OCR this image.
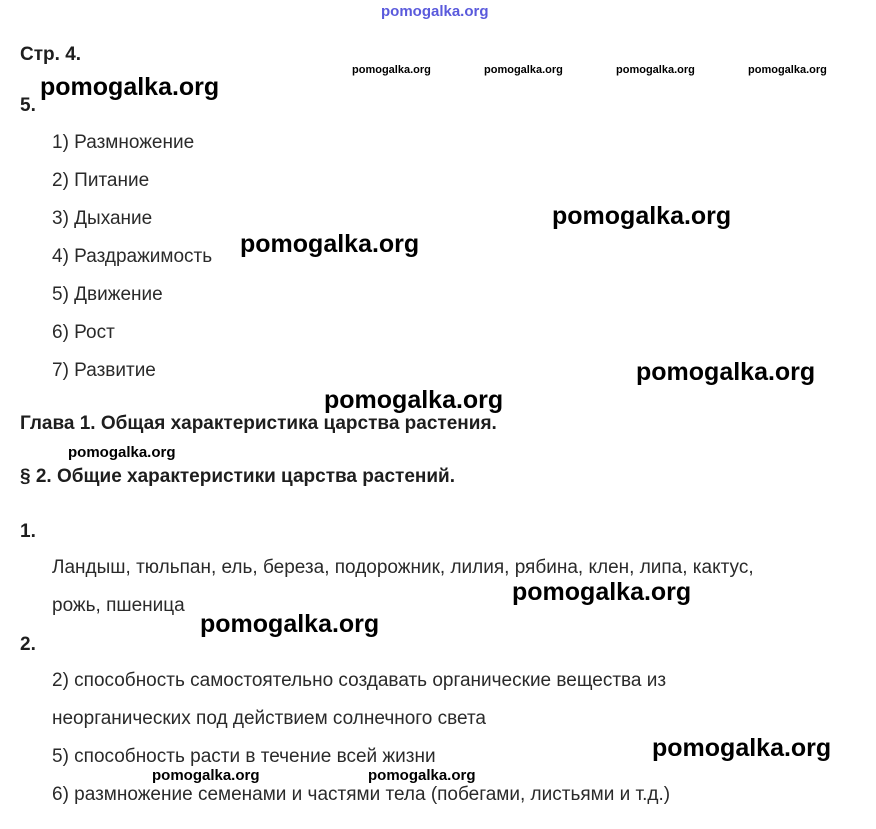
pomogalka.org
Стр. 4.
5.
1) Размножение
2) Питание
3) Дыхание
4) Раздражимость
5) Движение
6) Рост
7) Развитие
Глава 1. Общая характеристика царства растения.
§ 2. Общие характеристики царства растений.
1.
Ландыш, тюльпан, ель, береза, подорожник, лилия, рябина, клен, липа, кактус,
рожь, пшеница
2.
2) способность самостоятельно создавать органические вещества из
неорганических под действием солнечного света
5) способность расти в течение всей жизни
6) размножение семенами и частями тела (побегами, листьями и т.д.)
pomogalka.org	pomogalka.org	pomogalka.org	pomogalka.org
pomogalka.org
pomogalka.org
pomogalka.org
pomogalka.org
pomogalka.org
pomogalka.org
pomogalka.org
pomogalka.org
pomogalka.org
pomogalka.org	pomogalka.org
